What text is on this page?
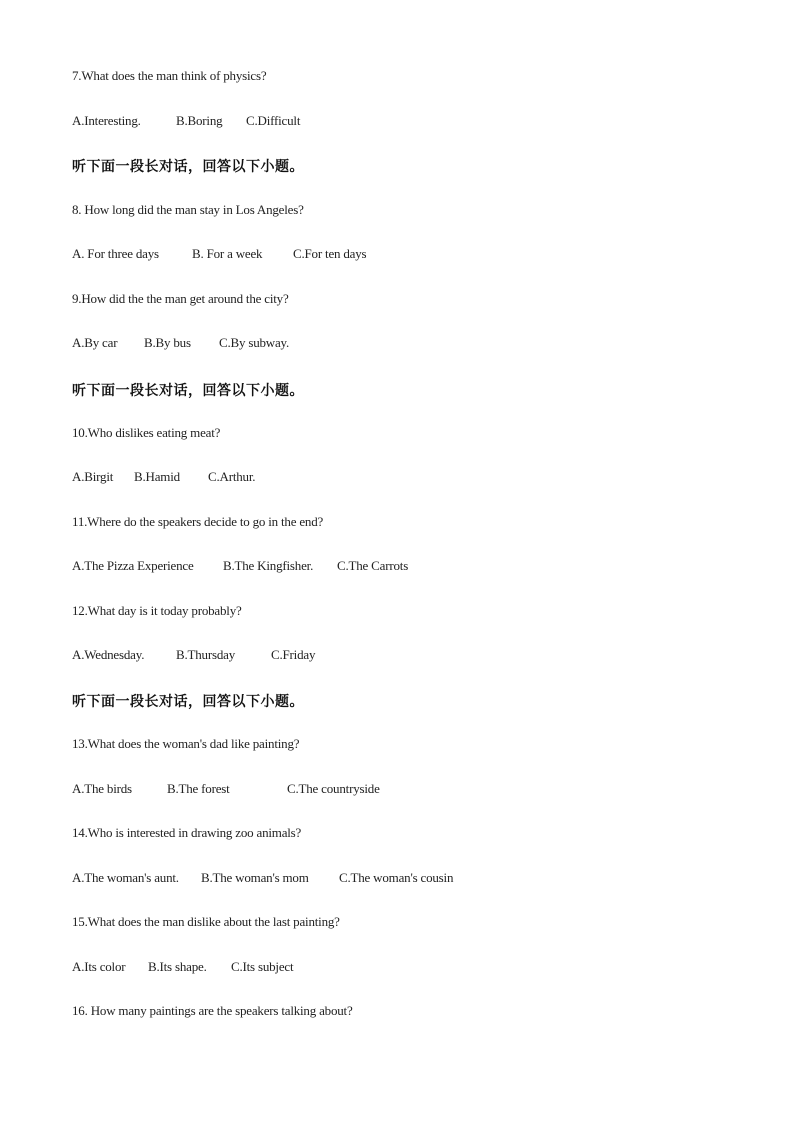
7.What does the man think of physics?
A.Interesting.	B.Boring C.Difficult
听下面一段长对话，回答以下小题。
8. How long did the man stay in Los Angeles?
A. For three days	B. For a week C.For ten days
9.How did the the man get around the city?
A.By car B.By bus C.By subway.
听下面一段长对话，回答以下小题。
10.Who dislikes eating meat?
A.Birgit B.Hamid C.Arthur.
11.Where do the speakers decide to go in the end?
A.The Pizza Experience B.The Kingfisher. C.The Carrots
12.What day is it today probably?
A.Wednesday. B.Thursday	C.Friday
听下面一段长对话，回答以下小题。
13.What does the woman's dad like painting?
A.The birds	B.The forest	C.The countryside
14.Who is interested in drawing zoo animals?
A.The woman's aunt. B.The woman's mom C.The woman's cousin
15.What does the man dislike about the last painting?
A.Its color B.Its shape. C.Its subject
16. How many paintings are the speakers talking about?
